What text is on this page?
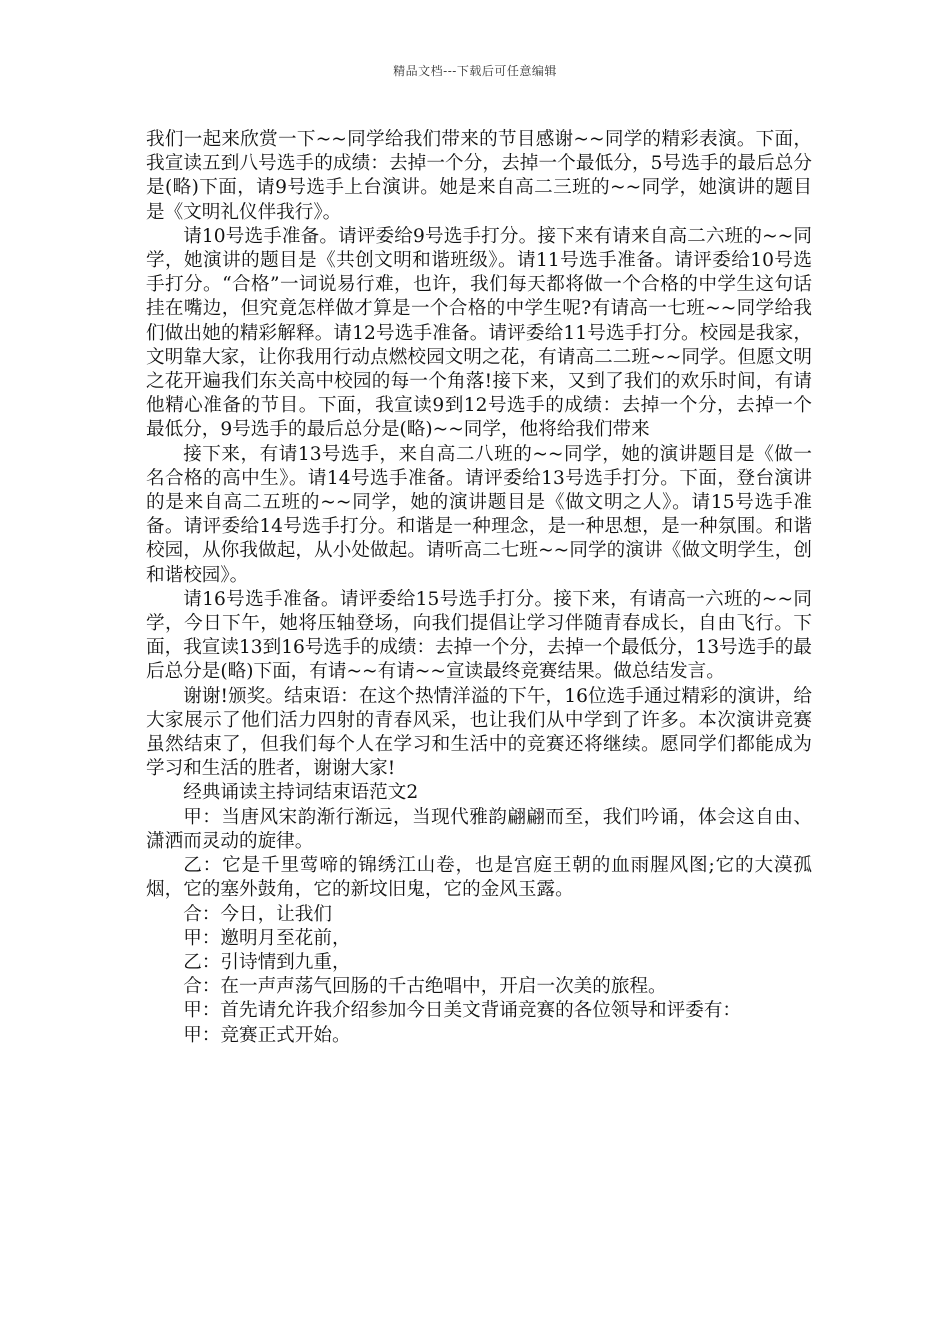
精品文档---下载后可任意编辑

我们一起来欣赏一下~~同学给我们带来的节目感谢~~同学的精彩表演。下面，我宣读五到八号选手的成绩：去掉一个分，去掉一个最低分，5号选手的最后总分是(略)下面，请9号选手上台演讲。她是来自高二三班的~~同学，她演讲的题目是《文明礼仪伴我行》。

请10号选手准备。请评委给9号选手打分。接下来有请来自高二六班的~~同学，她演讲的题目是《共创文明和谐班级》。请11号选手准备。请评委给10号选手打分。“合格”一词说易行难，也许，我们每天都将做一个合格的中学生这句话挂在嘴边，但究竟怎样做才算是一个合格的中学生呢?有请高一七班~~同学给我们做出她的精彩解释。请12号选手准备。请评委给11号选手打分。校园是我家，文明靠大家，让你我用行动点燃校园文明之花，有请高二二班~~同学。但愿文明之花开遍我们东关高中校园的每一个角落!接下来，又到了我们的欢乐时间，有请他精心准备的节目。下面，我宣读9到12号选手的成绩：去掉一个分，去掉一个最低分，9号选手的最后总分是(略)~~同学，他将给我们带来

接下来，有请13号选手，来自高二八班的~~同学，她的演讲题目是《做一名合格的高中生》。请14号选手准备。请评委给13号选手打分。下面，登台演讲的是来自高二五班的~~同学，她的演讲题目是《做文明之人》。请15号选手准备。请评委给14号选手打分。和谐是一种理念，是一种思想，是一种氛围。和谐校园，从你我做起，从小处做起。请听高二七班~~同学的演讲《做文明学生，创和谐校园》。

请16号选手准备。请评委给15号选手打分。接下来，有请高一六班的~~同学，今日下午，她将压轴登场，向我们提倡让学习伴随青春成长，自由飞行。下面，我宣读13到16号选手的成绩：去掉一个分，去掉一个最低分，13号选手的最后总分是(略)下面，有请~~有请~~宣读最终竞赛结果。做总结发言。

谢谢!颁奖。结束语：在这个热情洋溢的下午，16位选手通过精彩的演讲，给大家展示了他们活力四射的青春风采，也让我们从中学到了许多。本次演讲竞赛虽然结束了，但我们每个人在学习和生活中的竞赛还将继续。愿同学们都能成为学习和生活的胜者，谢谢大家!

经典诵读主持词结束语范文2

甲：当唐风宋韵渐行渐远，当现代雅韵翩翩而至，我们吟诵，体会这自由、潇洒而灵动的旋律。

乙：它是千里莺啼的锦绣江山卷，也是宫庭王朝的血雨腥风图;它的大漠孤烟，它的塞外鼓角，它的新坟旧鬼，它的金风玉露。

合：今日，让我们

甲：邀明月至花前，

乙：引诗情到九重，

合：在一声声荡气回肠的千古绝唱中，开启一次美的旅程。

甲：首先请允许我介绍参加今日美文背诵竞赛的各位领导和评委有：

甲：竞赛正式开始。
